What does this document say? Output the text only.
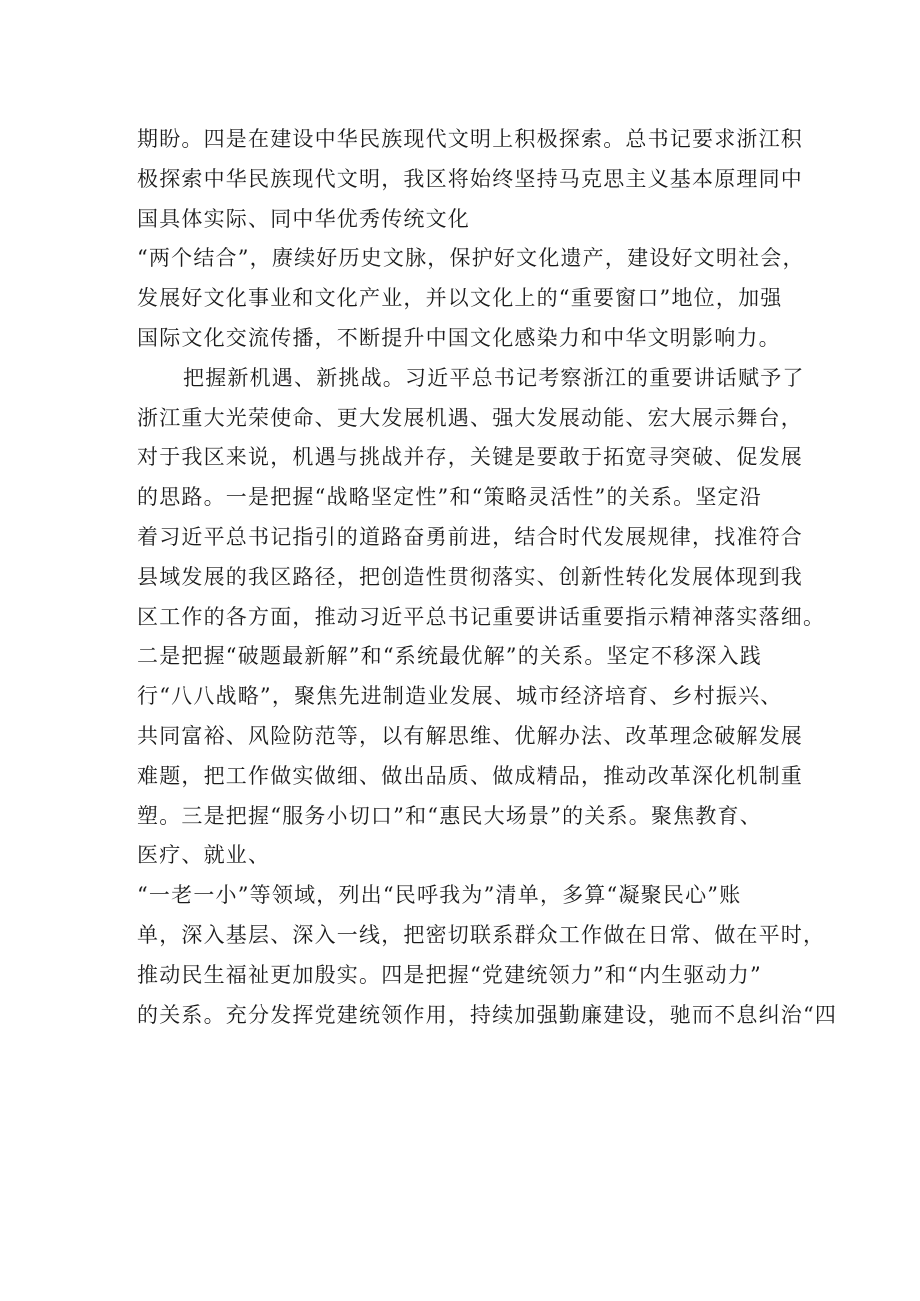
期盼。四是在建设中华民族现代文明上积极探索。总书记要求浙江积
极探索中华民族现代文明，我区将始终坚持马克思主义基本原理同中
国具体实际、同中华优秀传统文化
“两个结合”，赓续好历史文脉，保护好文化遗产，建设好文明社会，
发展好文化事业和文化产业，并以文化上的“重要窗口”地位，加强
国际文化交流传播，不断提升中国文化感染力和中华文明影响力。
把握新机遇、新挑战。习近平总书记考察浙江的重要讲话赋予了
浙江重大光荣使命、更大发展机遇、强大发展动能、宏大展示舞台，
对于我区来说，机遇与挑战并存，关键是要敢于拓宽寻突破、促发展
的思路。一是把握“战略坚定性”和“策略灵活性”的关系。坚定沿
着习近平总书记指引的道路奋勇前进，结合时代发展规律，找准符合
县域发展的我区路径，把创造性贯彻落实、创新性转化发展体现到我
区工作的各方面，推动习近平总书记重要讲话重要指示精神落实落细。
二是把握“破题最新解”和“系统最优解”的关系。坚定不移深入践
行“八八战略”，聚焦先进制造业发展、城市经济培育、乡村振兴、
共同富裕、风险防范等，以有解思维、优解办法、改革理念破解发展
难题，把工作做实做细、做出品质、做成精品，推动改革深化机制重
塑。三是把握“服务小切口”和“惠民大场景”的关系。聚焦教育、
医疗、就业、
“一老一小”等领域，列出“民呼我为”清单，多算“凝聚民心”账
单，深入基层、深入一线，把密切联系群众工作做在日常、做在平时，
推动民生福祉更加殷实。四是把握“党建统领力”和“内生驱动力”
的关系。充分发挥党建统领作用，持续加强勤廉建设，驰而不息纠治“四
